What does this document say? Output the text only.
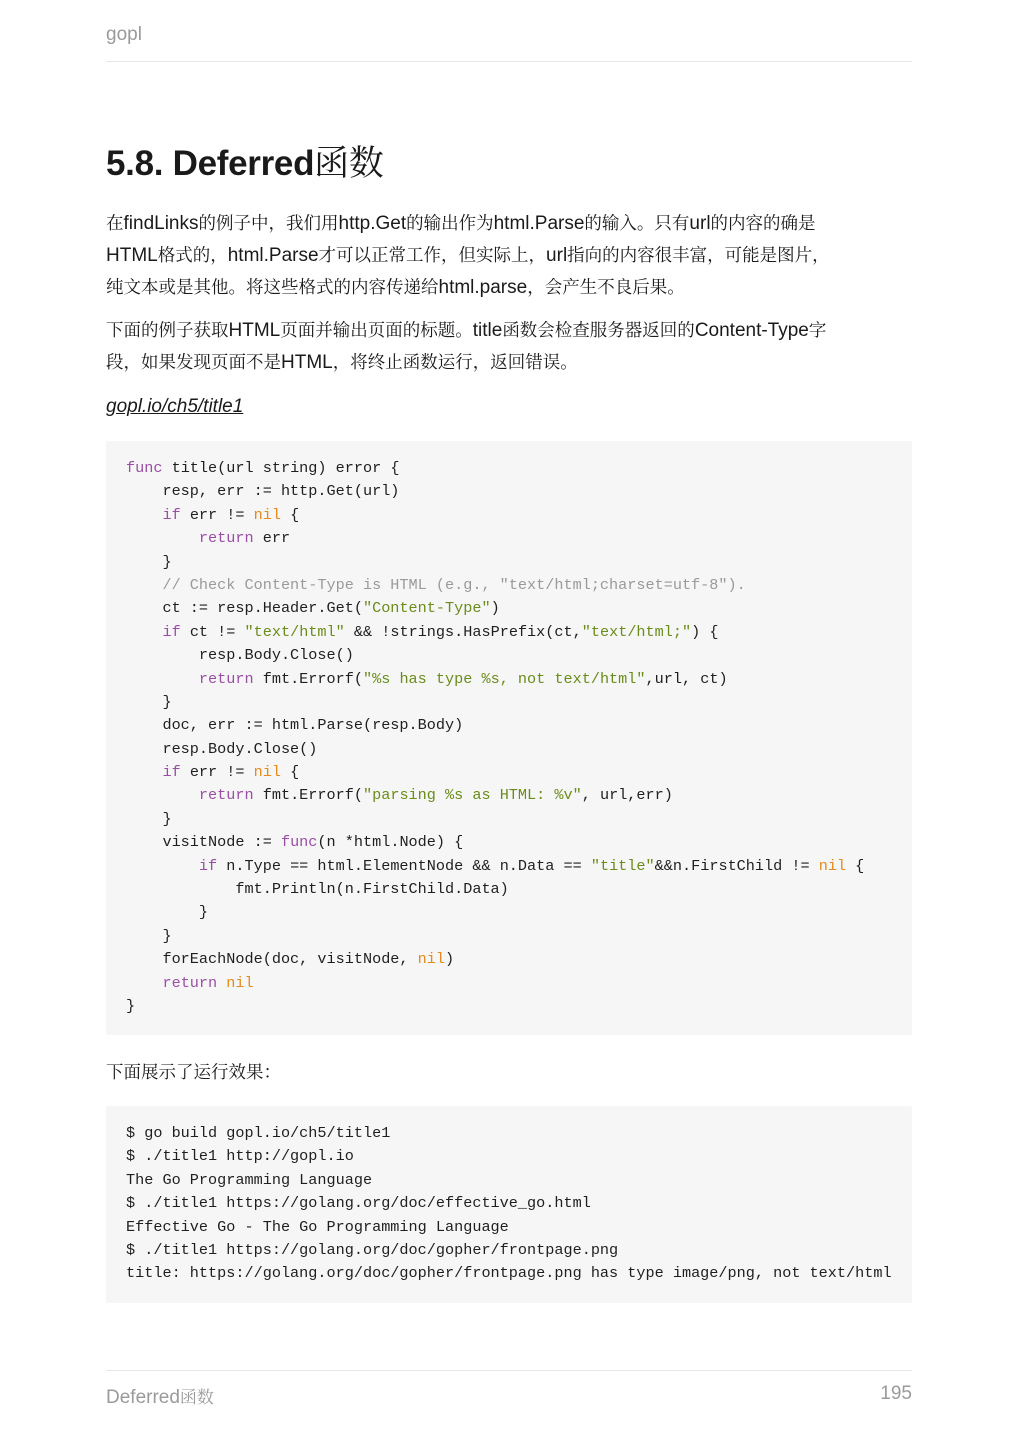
gopl
5.8. Deferred函数

在findLinks的例子中，我们用http.Get的输出作为html.Parse的输入。只有url的内容的确是
HTML格式的，html.Parse才可以正常工作，但实际上，url指向的内容很丰富，可能是图片，
纯文本或是其他。将这些格式的内容传递给html.parse，会产生不良后果。

下面的例子获取HTML页面并输出页面的标题。title函数会检查服务器返回的Content-Type字
段，如果发现页面不是HTML，将终止函数运行，返回错误。

gopl.io/ch5/title1
func title(url string) error {
resp, err := http.Get(url)
if err != nil {
return err
}
// Check Content-Type is HTML (e.g., "text/html;charset=utf-8").
ct := resp.Header.Get("Content-Type")
if ct != "text/html" && !strings.HasPrefix(ct,"text/html;") {
resp.Body.Close()
return fmt.Errorf("%s has type %s, not text/html",url, ct)
}
doc, err := html.Parse(resp.Body)
resp.Body.Close()
if err != nil {
return fmt.Errorf("parsing %s as HTML: %v", url,err)
}
visitNode := func(n *html.Node) {
if n.Type == html.ElementNode && n.Data == "title"&&n.FirstChild != nil {
fmt.Println(n.FirstChild.Data)
}
}
forEachNode(doc, visitNode, nil)
return nil
}

下面展示了运行效果：

$ go build gopl.io/ch5/title1
$ ./title1 http://gopl.io
The Go Programming Language
$ ./title1 https://golang.org/doc/effective_go.html
Effective Go - The Go Programming Language
$ ./title1 https://golang.org/doc/gopher/frontpage.png
title: https://golang.org/doc/gopher/frontpage.png has type image/png, not text/html
Deferred函数	195
